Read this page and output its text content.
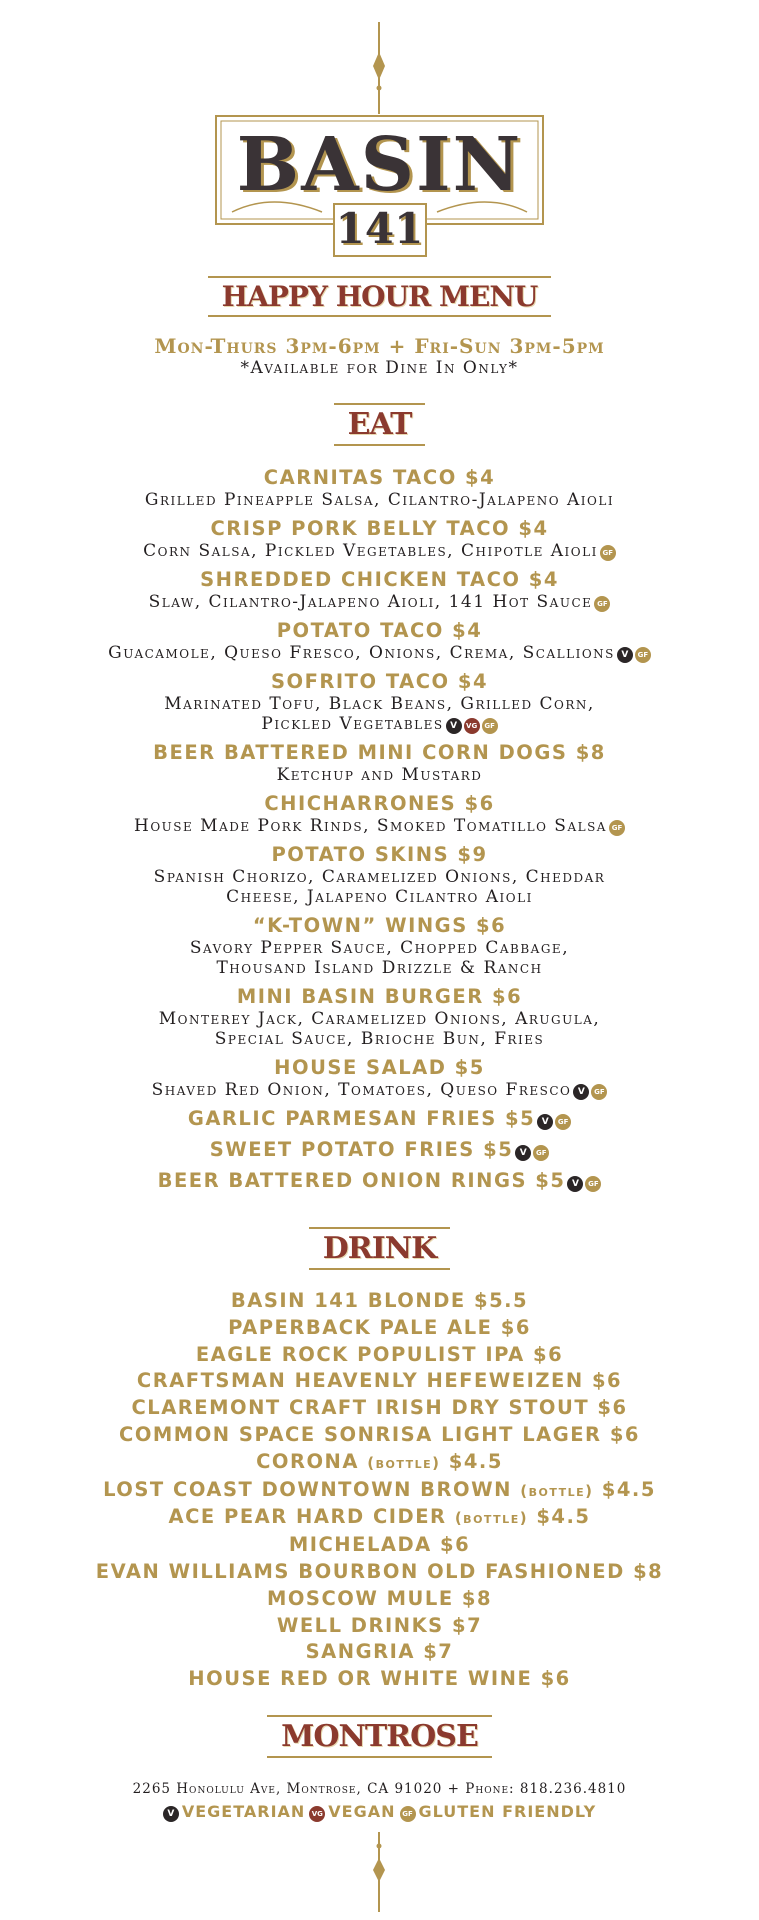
BASIN
141
HAPPY HOUR MENU
Mon-Thurs 3pm-6pm + Fri-Sun 3pm-5pm
*Available for Dine In Only*
EAT
CARNITAS TACO $4
Grilled Pineapple Salsa, Cilantro-Jalapeno Aioli
CRISP PORK BELLY TACO $4
Corn Salsa, Pickled Vegetables, Chipotle Aioli GF
SHREDDED CHICKEN TACO $4
Slaw, Cilantro-Jalapeno Aioli, 141 Hot Sauce GF
POTATO TACO $4
Guacamole, Queso Fresco, Onions, Crema, Scallions V GF
SOFRITO TACO $4
Marinated Tofu, Black Beans, Grilled Corn,
Pickled Vegetables V VG GF
BEER BATTERED MINI CORN DOGS $8
Ketchup and Mustard
CHICHARRONES $6
House Made Pork Rinds, Smoked Tomatillo Salsa GF
POTATO SKINS $9
Spanish Chorizo, Caramelized Onions, Cheddar
Cheese, Jalapeno Cilantro Aioli
“K-TOWN” WINGS $6
Savory Pepper Sauce, Chopped Cabbage,
Thousand Island Drizzle & Ranch
MINI BASIN BURGER $6
Monterey Jack, Caramelized Onions, Arugula,
Special Sauce, Brioche Bun, Fries
HOUSE SALAD $5
Shaved Red Onion, Tomatoes, Queso Fresco V GF
GARLIC PARMESAN FRIES $5 V GF
SWEET POTATO FRIES $5 V GF
BEER BATTERED ONION RINGS $5 V GF
DRINK
BASIN 141 BLONDE $5.5
PAPERBACK PALE ALE $6
EAGLE ROCK POPULIST IPA $6
CRAFTSMAN HEAVENLY HEFEWEIZEN $6
CLAREMONT CRAFT IRISH DRY STOUT $6
COMMON SPACE SONRISA LIGHT LAGER $6
CORONA (bottle) $4.5
LOST COAST DOWNTOWN BROWN (bottle) $4.5
ACE PEAR HARD CIDER (bottle) $4.5
MICHELADA $6
EVAN WILLIAMS BOURBON OLD FASHIONED $8
MOSCOW MULE $8
WELL DRINKS $7
SANGRIA $7
HOUSE RED OR WHITE WINE $6
MONTROSE
2265 Honolulu Ave, Montrose, CA 91020 + Phone: 818.236.4810
V VEGETARIAN VG VEGAN GF GLUTEN FRIENDLY
